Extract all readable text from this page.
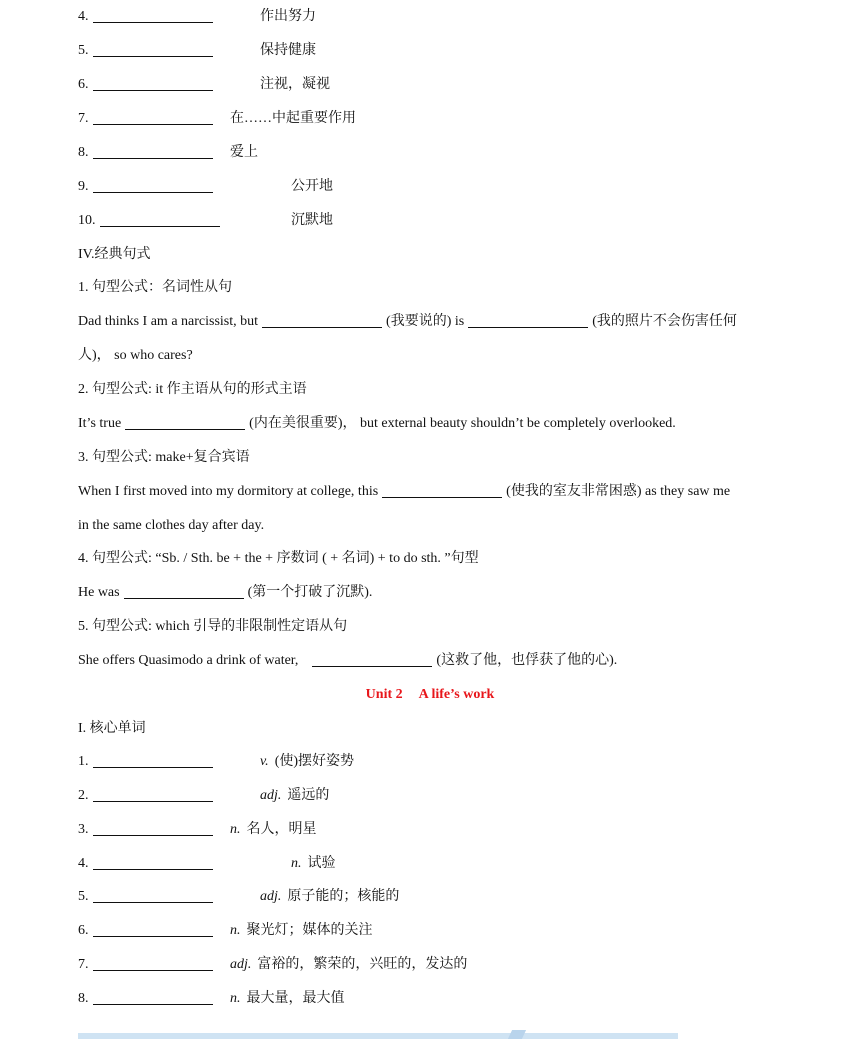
4.	作出努力
5.	保持健康
6.	注视，凝视
7.	在……中起重要作用
8.	爱上
9.	公开地
10.	沉默地
IV.经典句式
1. 句型公式：名词性从句
Dad thinks I am a narcissist, but	(我要说的) is	(我的照片不会伤害任何
人)， so who cares?
2. 句型公式: it 作主语从句的形式主语
It’s true	(内在美很重要)， but external beauty shouldn’t be completely overlooked.
3. 句型公式: make+复合宾语
When I first moved into my dormitory at college, this	(使我的室友非常困惑) as they saw me
in the same clothes day after day.
4. 句型公式: “Sb. / Sth. be + the + 序数词 ( + 名词) + to do sth. ”句型
He was	(第一个打破了沉默).
5. 句型公式: which 引导的非限制性定语从句
She offers Quasimodo a drink of water,	(这救了他，也俘获了他的心).
Unit 2 A life’s work
I. 核心单词
1.	v. (使)摆好姿势
2.	adj. 遥远的
3.	n. 名人，明星
4.	n. 试验
5.	adj. 原子能的；核能的
6.	n. 聚光灯；媒体的关注
7.	adj. 富裕的，繁荣的，兴旺的，发达的
8.	n. 最大量，最大值
